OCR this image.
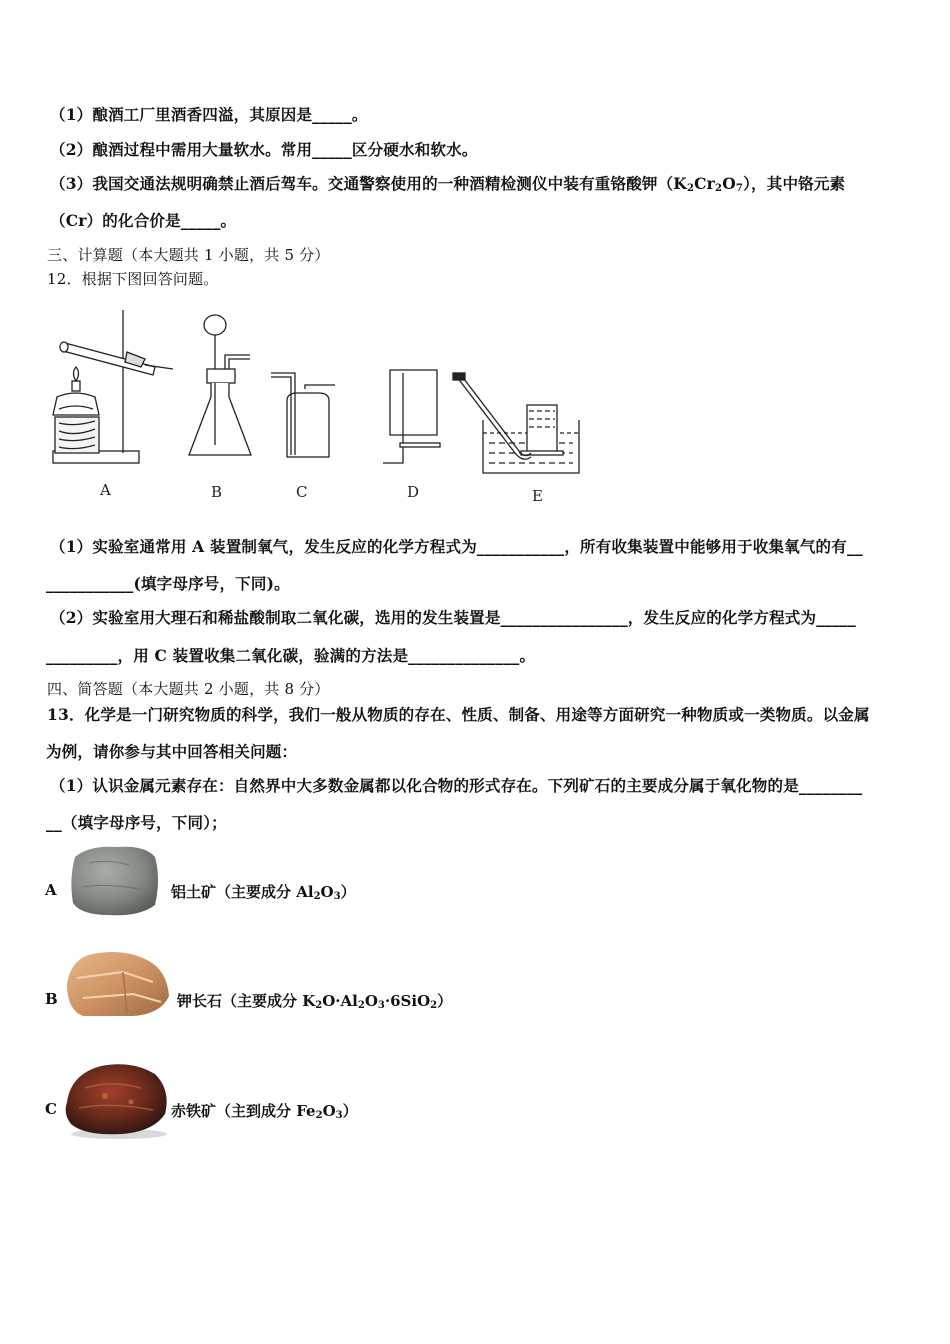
（1）酿酒工厂里酒香四溢，其原因是_____。
（2）酿酒过程中需用大量软水。常用_____区分硬水和软水。
（3）我国交通法规明确禁止酒后驾车。交通警察使用的一种酒精检测仪中装有重铬酸钾$(K_2Cr_2O_7)$，其中铬元素
（Cr）的化合价是_____。
三、计算题（本大题共 1 小题，共 5 分）
12．根据下图回答问题。
A	B	C	D	E
（1）实验室通常用 A 装置制氧气，发生反应的化学方程式为___________，所有收集装置中能够用于收集氧气的有__
___________(填字母序号，下同)。
（2）实验室用大理石和稀盐酸制取二氧化碳，选用的发生装置是________________，发生反应的化学方程式为_____
_________，用 C 装置收集二氧化碳，验满的方法是______________。
四、简答题（本大题共 2 小题，共 8 分）
13．化学是一门研究物质的科学，我们一般从物质的存在、性质、制备、用途等方面研究一种物质或一类物质。以金属
为例，请你参与其中回答相关问题：
（1）认识金属元素存在：自然界中大多数金属都以化合物的形式存在。下列矿石的主要成分属于氧化物的是________
__（填字母序号，下同）；
A	铝土矿（主要成分 $Al_2O_3$）
B	钾长石（主要成分 $K_2O\cdot Al_2O_3\cdot 6SiO_2$）
C	赤铁矿（主到成分 $Fe_2O_3$）
